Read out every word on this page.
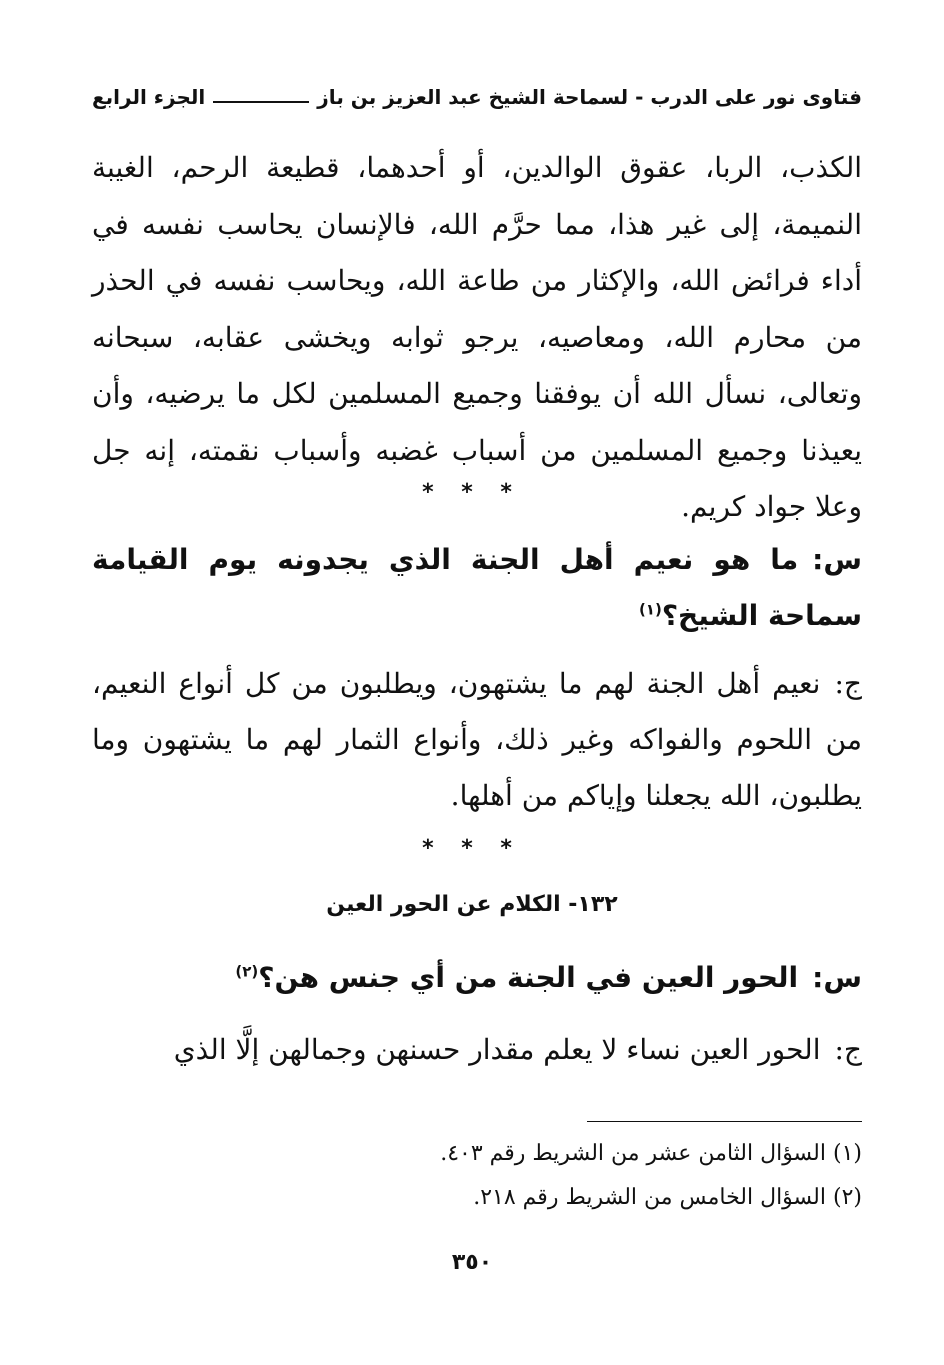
فتاوى نور على الدرب - لسماحة الشيخ عبد العزيز بن باز
الجزء الرابع
الكذب، الربا، عقوق الوالدين، أو أحدهما، قطيعة الرحم، الغيبة النميمة، إلى غير هذا، مما حرَّم الله، فالإنسان يحاسب نفسه في أداء فرائض الله، والإكثار من طاعة الله، ويحاسب نفسه في الحذر من محارم الله، ومعاصيه، يرجو ثوابه ويخشى عقابه، سبحانه وتعالى، نسأل الله أن يوفقنا وجميع المسلمين لكل ما يرضيه، وأن يعيذنا وجميع المسلمين من أسباب غضبه وأسباب نقمته، إنه جل وعلا جواد كريم.
* * *
س:ما هو نعيم أهل الجنة الذي يجدونه يوم القيامة سماحة الشيخ؟$^{(١)}$
ج:نعيم أهل الجنة لهم ما يشتهون، ويطلبون من كل أنواع النعيم، من اللحوم والفواكه وغير ذلك، وأنواع الثمار لهم ما يشتهون وما يطلبون، الله يجعلنا وإياكم من أهلها.
* * *
١٣٢- الكلام عن الحور العين
س:الحور العين في الجنة من أي جنس هن؟$^{(٢)}$
ج:الحور العين نساء لا يعلم مقدار حسنهن وجمالهن إلَّا الذي
(١) السؤال الثامن عشر من الشريط رقم ٤٠٣.
(٢) السؤال الخامس من الشريط رقم ٢١٨.
٣٥٠
